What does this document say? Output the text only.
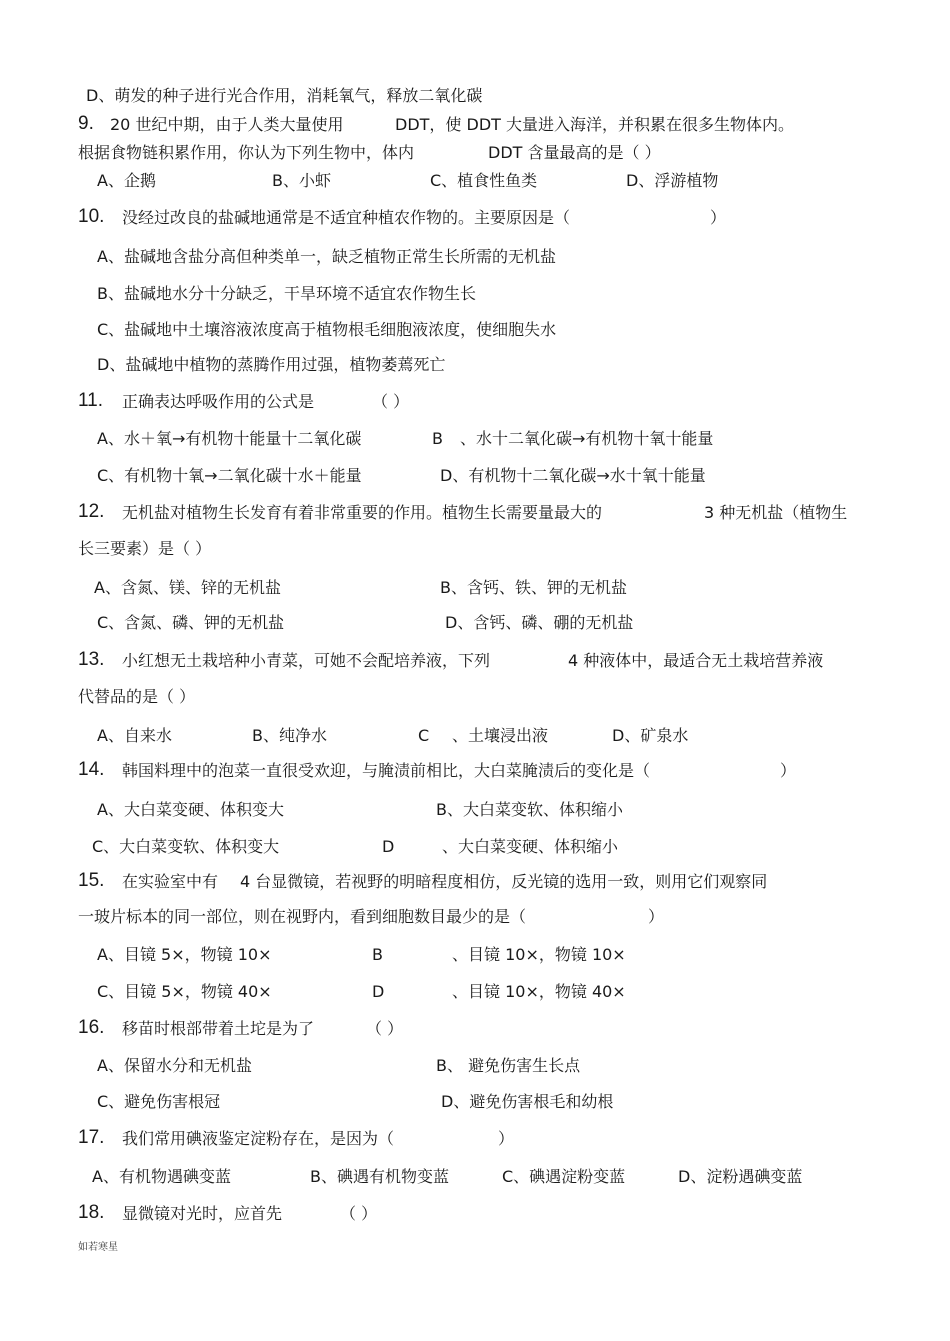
D、萌发的种子进行光合作用，消耗氧气，释放二氧化碳
9. 20 世纪中期，由于人类大量使用	DDT，使 DDT 大量进入海洋，并积累在很多生物体内。
根据食物链积累作用，你认为下列生物中，体内	DDT 含量最高的是（ ）
A、企鹅	B、小虾	C、植食性鱼类	D、浮游植物
10. 没经过改良的盐碱地通常是不适宜种植农作物的。主要原因是（	）
A、盐碱地含盐分高但种类单一，缺乏植物正常生长所需的无机盐
B、盐碱地水分十分缺乏，干旱环境不适宜农作物生长
C、盐碱地中土壤溶液浓度高于植物根毛细胞液浓度，使细胞失水
D、盐碱地中植物的蒸腾作用过强，植物萎蔫死亡
11. 正确表达呼吸作用的公式是	（ ）
A、水＋氧→有机物十能量十二氧化碳	B 、水十二氧化碳→有机物十氧十能量
C、有机物十氧→二氧化碳十水＋能量	D、有机物十二氧化碳→水十氧十能量
12. 无机盐对植物生长发育有着非常重要的作用。植物生长需要量最大的	3 种无机盐（植物生
长三要素）是（ ）
A、含氮、镁、锌的无机盐	B、含钙、铁、钾的无机盐
C、含氮、磷、钾的无机盐	D、含钙、磷、硼的无机盐
13. 小红想无土栽培种小青菜，可她不会配培养液，下列	4 种液体中，最适合无土栽培营养液
代替品的是（ ）
A、自来水	B、纯净水	C 、土壤浸出液	D、矿泉水
14. 韩国料理中的泡菜一直很受欢迎，与腌渍前相比，大白菜腌渍后的变化是（	）
A、大白菜变硬、体积变大	B、大白菜变软、体积缩小
C、大白菜变软、体积变大	D	、大白菜变硬、体积缩小
15. 在实验室中有 4 台显微镜，若视野的明暗程度相仿，反光镜的选用一致，则用它们观察同
一玻片标本的同一部位，则在视野内，看到细胞数目最少的是（	）
A、目镜 5×，物镜 10×	B	、目镜 10×，物镜 10×
C、目镜 5×，物镜 40×	D	、目镜 10×，物镜 40×
16. 移苗时根部带着土坨是为了	（ ）
A、保留水分和无机盐	B、 避免伤害生长点
C、避免伤害根冠	D、避免伤害根毛和幼根
17. 我们常用碘液鉴定淀粉存在，是因为（	）
A、有机物遇碘变蓝	B、碘遇有机物变蓝	C、碘遇淀粉变蓝	D、淀粉遇碘变蓝
18. 显微镜对光时，应首先	（ ）
如若寒星
